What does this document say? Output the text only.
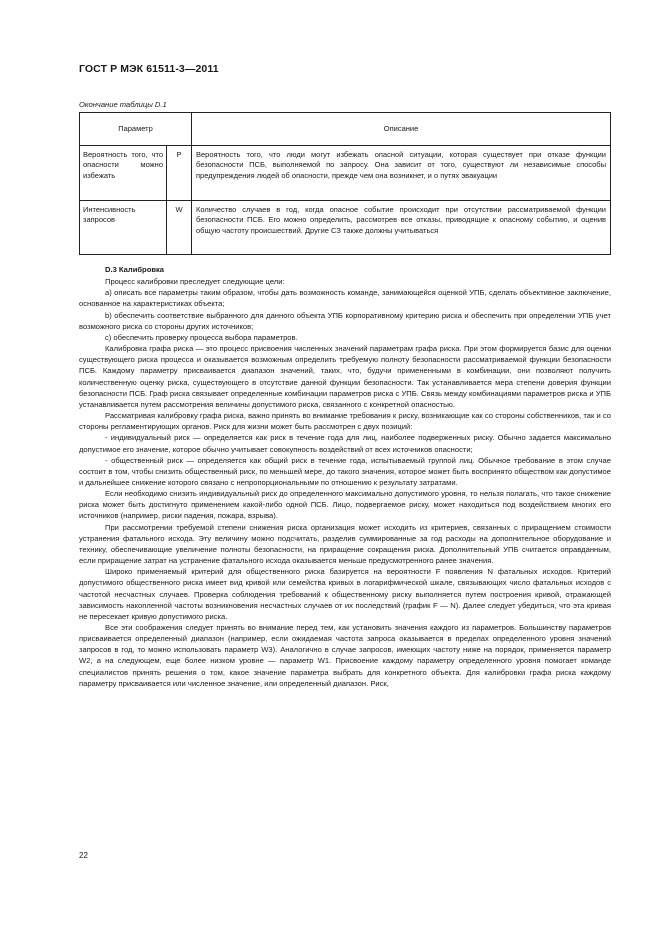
ГОСТ Р МЭК 61511-3—2011
Окончание таблицы D.1
Параметр		Описание
Вероятность того, что опасности можно избежать	P	Вероятность того, что люди могут избежать опасной ситуации, которая существует при отказе функции безопасности ПСБ, выполняемой по запросу. Она зависит от того, существуют ли независимые способы предупреждения людей об опасности, прежде чем она возникнет, и о путях эвакуации
Интенсивность запросов	W	Количество случаев в год, когда опасное событие происходит при отсутствии рассматриваемой функции безопасности ПСБ. Его можно определить, рассмотрев все отказы, приводящие к опасному событию, и оценив общую частоту происшествий. Другие СЗ также должны учитываться

D.3 Калибровка

Процесс калибровки преследует следующие цели:

а) описать все параметры таким образом, чтобы дать возможность команде, занимающейся оценкой УПБ, сделать объективное заключение, основанное на характеристиках объекта;

b) обеспечить соответствие выбранного для данного объекта УПБ корпоративному критерию риска и обеспечить при определении УПБ учет возможного риска со стороны других источников;

с) обеспечить проверку процесса выбора параметров.

Калибровка графа риска — это процесс присвоения численных значений параметрам графа риска. При этом формируется базис для оценки существующего риска процесса и оказывается возможным определить требуемую полноту безопасности рассматриваемой функции безопасности ПСБ. Каждому параметру присваивается диапазон значений, таких, что, будучи примененными в комбинации, они позволяют получить количественную оценку риска, существующего в отсутствие данной функции безопасности. Так устанавливается мера степени доверия функции безопасности ПСБ. Граф риска связывает определенные комбинации параметров риска с УПБ. Связь между комбинациями параметров риска и УПБ устанавливается путем рассмотрения величины допустимого риска, связанного с конкретной опасностью.

Рассматривая калибровку графа риска, важно принять во внимание требования к риску, возникающие как со стороны собственников, так и со стороны регламентирующих органов. Риск для жизни может быть рассмотрен с двух позиций:

- индивидуальный риск — определяется как риск в течение года для лиц, наиболее подверженных риску. Обычно задается максимально допустимое его значение, которое обычно учитывает совокупность воздействий от всех источников опасности;

- общественный риск — определяется как общий риск в течение года, испытываемый группой лиц. Обычное требование в этом случае состоит в том, чтобы снизить общественный риск, по меньшей мере, до такого значения, которое может быть воспринято обществом как допустимое и дальнейшее снижение которого связано с непропорциональными по отношению к результату затратами.

Если необходимо снизить индивидуальный риск до определенного максимально допустимого уровня, то нельзя полагать, что такое снижение риска может быть достигнуто применением какой-либо одной ПСБ. Лицо, подвергаемое риску, может находиться под воздействием многих его источников (например, риски падения, пожара, взрыва).

При рассмотрении требуемой степени снижения риска организация может исходить из критериев, связанных с приращением стоимости устранения фатального исхода. Эту величину можно подсчитать, разделив суммированные за год расходы на дополнительное оборудование и технику, обеспечивающие увеличение полноты безопасности, на приращение сокращения риска. Дополнительный УПБ считается оправданным, если приращение затрат на устранение фатального исхода оказывается меньше предусмотренного ранее значения.

Широко применяемый критерий для общественного риска базируется на вероятности F появления N фатальных исходов. Критерий допустимого общественного риска имеет вид кривой или семейства кривых в логарифмической шкале, связывающих число фатальных исходов с частотой несчастных случаев. Проверка соблюдения требований к общественному риску выполняется путем построения кривой, отражающей зависимость накопленной частоты возникновения несчастных случаев от их последствий (график F — N). Далее следует убедиться, что эта кривая не пересекает кривую допустимого риска.

Все эти соображения следует принять во внимание перед тем, как установить значения каждого из параметров. Большинству параметров присваивается определенный диапазон (например, если ожидаемая частота запроса оказывается в пределах определенного уровня значений запросов в год, то можно использовать параметр W3). Аналогично в случае запросов, имеющих частоту ниже на порядок, применяется параметр W2, а на следующем, еще более низком уровне — параметр W1. Присвоение каждому параметру определенного уровня помогает команде специалистов принять решения о том, какое значение параметра выбрать для конкретного объекта. Для калибровки графа риска каждому параметру присваивается или численное значение, или определенный диапазон. Риск,

22
